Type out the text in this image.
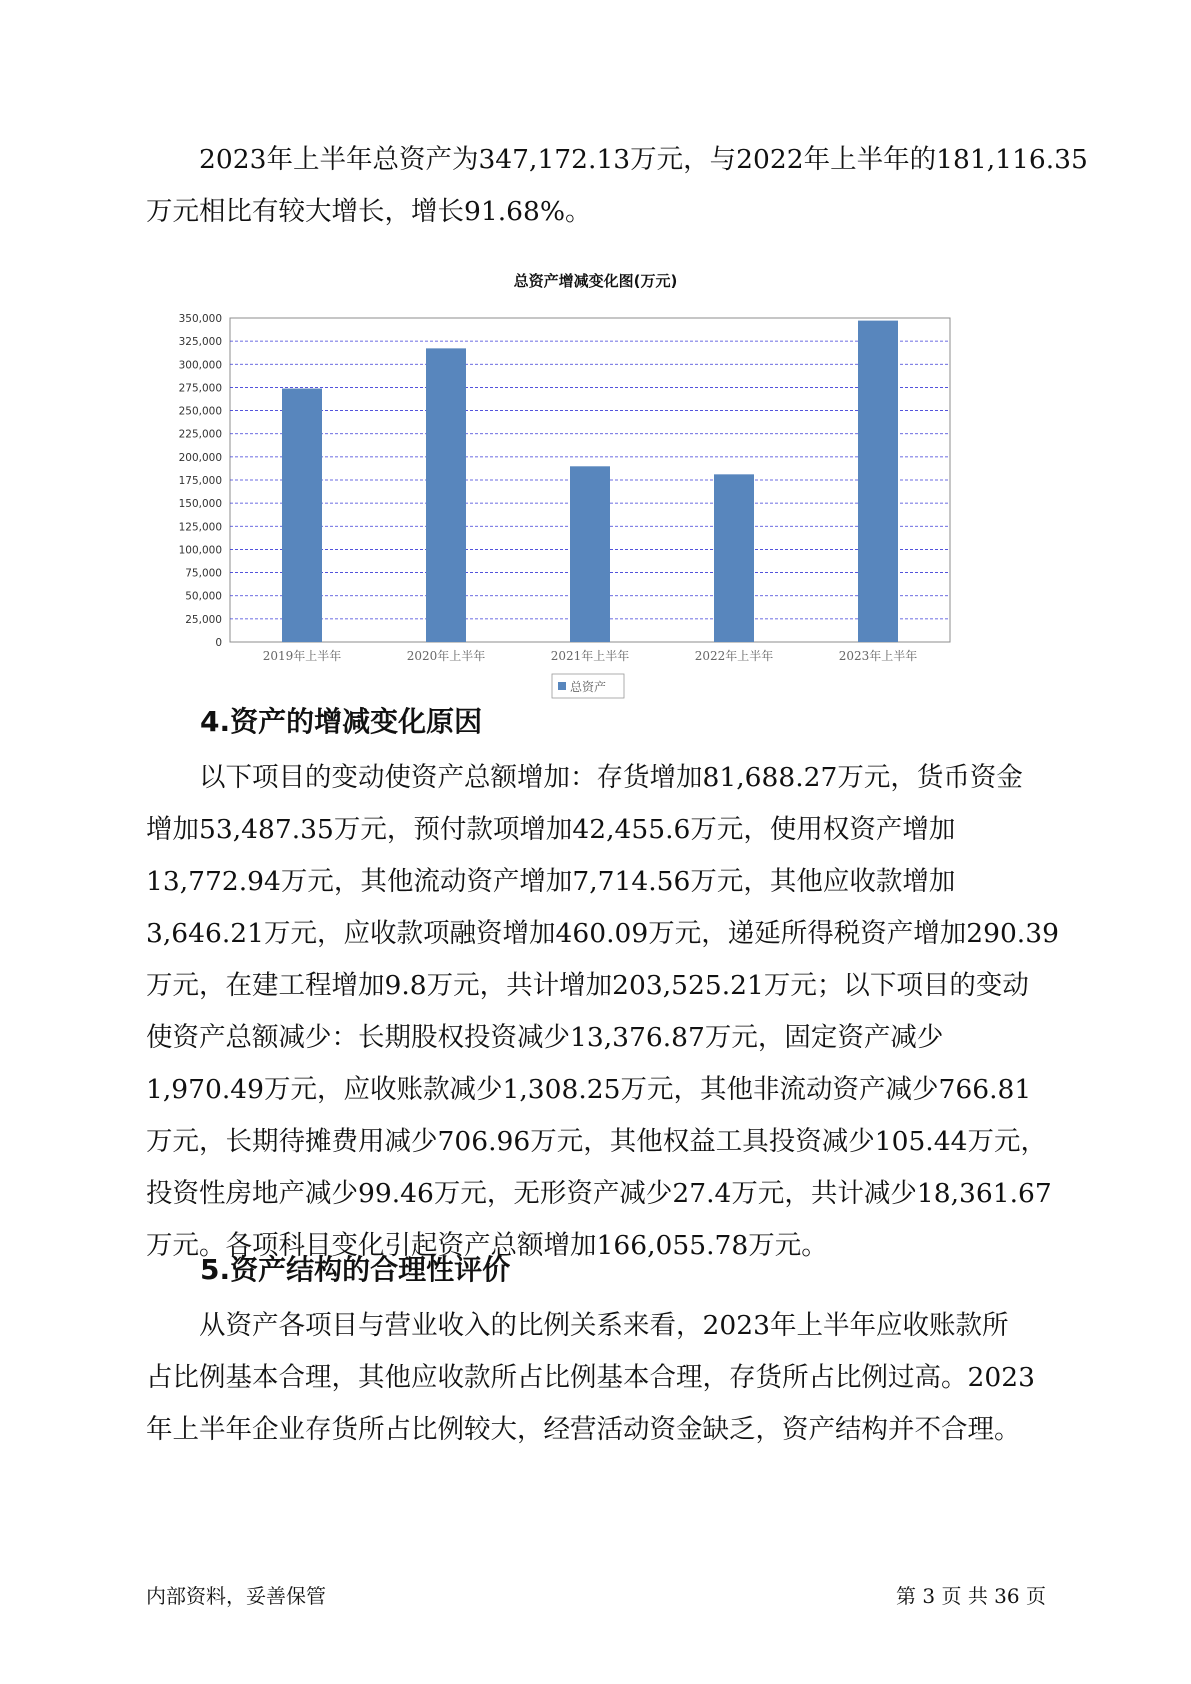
2023年上半年总资产为347,172.13万元，与2022年上半年的181,116.35
万元相比有较大增长，增长91.68%。
总资产增减变化图(万元)
0
25,000
50,000
75,000
100,000
125,000
150,000
175,000
200,000
225,000
250,000
275,000
300,000
325,000
350,000
2019年上半年	2020年上半年	2021年上半年	2022年上半年	2023年上半年
总资产
4.资产的增减变化原因
以下项目的变动使资产总额增加：存货增加81,688.27万元，货币资金
增加53,487.35万元，预付款项增加42,455.6万元，使用权资产增加
13,772.94万元，其他流动资产增加7,714.56万元，其他应收款增加
3,646.21万元，应收款项融资增加460.09万元，递延所得税资产增加290.39
万元，在建工程增加9.8万元，共计增加203,525.21万元；以下项目的变动
使资产总额减少：长期股权投资减少13,376.87万元，固定资产减少
1,970.49万元，应收账款减少1,308.25万元，其他非流动资产减少766.81
万元，长期待摊费用减少706.96万元，其他权益工具投资减少105.44万元，
投资性房地产减少99.46万元，无形资产减少27.4万元，共计减少18,361.67
万元。各项科目变化引起资产总额增加166,055.78万元。
5.资产结构的合理性评价
从资产各项目与营业收入的比例关系来看，2023年上半年应收账款所
占比例基本合理，其他应收款所占比例基本合理，存货所占比例过高。2023
年上半年企业存货所占比例较大，经营活动资金缺乏，资产结构并不合理。
内部资料，妥善保管	第 3 页 共 36 页
